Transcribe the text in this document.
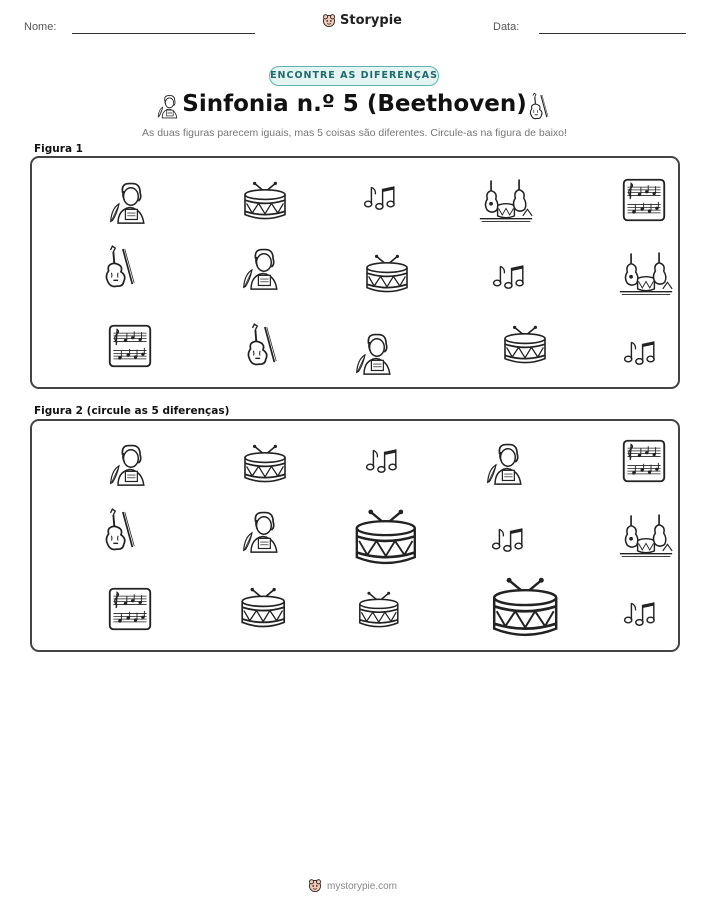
Nome:	Storypie	Data:
ENCONTRE AS DIFERENÇAS
Sinfonia n.º 5 (Beethoven)
As duas figuras parecem iguais, mas 5 coisas são diferentes. Circule-as na figura de baixo!
Figura 1
Figura 2 (circule as 5 diferenças)
mystorypie.com
